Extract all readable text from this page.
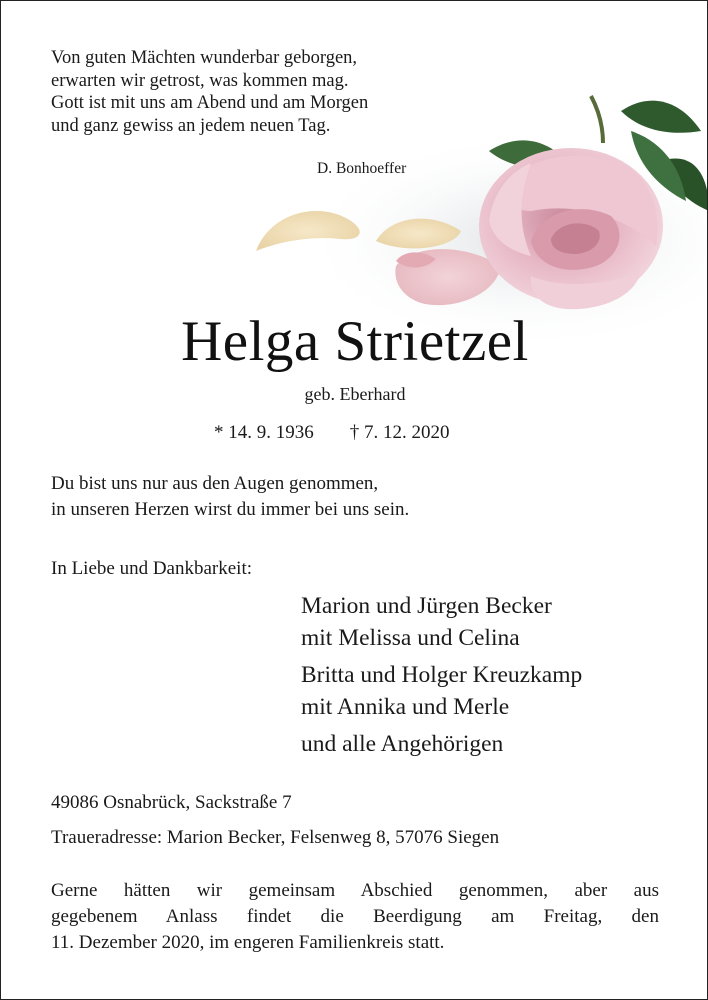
Von guten Mächten wunderbar geborgen,
erwarten wir getrost, was kommen mag.
Gott ist mit uns am Abend und am Morgen
und ganz gewiss an jedem neuen Tag.
D. Bonhoeffer
Helga Strietzel
geb. Eberhard
* 14. 9. 1936 † 7. 12. 2020
Du bist uns nur aus den Augen genommen,
in unseren Herzen wirst du immer bei uns sein.
In Liebe und Dankbarkeit:
Marion und Jürgen Becker
mit Melissa und Celina
Britta und Holger Kreuzkamp
mit Annika und Merle
und alle Angehörigen
49086 Osnabrück, Sackstraße 7
Traueradresse: Marion Becker, Felsenweg 8, 57076 Siegen
Gerne hätten wir gemeinsam Abschied genommen, aber aus
gegebenem Anlass findet die Beerdigung am Freitag, den
11. Dezember 2020, im engeren Familienkreis statt.
